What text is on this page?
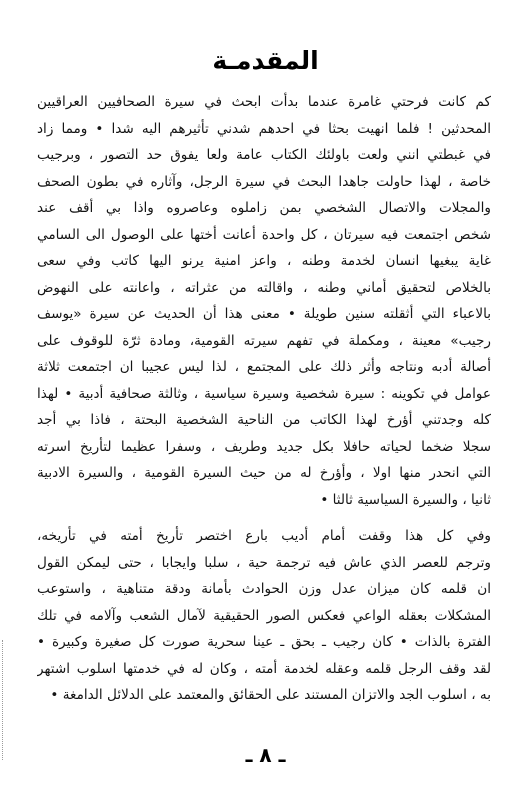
المقدمـة
كم كانت فرحتي غامرة عندما بدأت ابحث في سيرة الصحافيين العراقيين
المحدثين ! فلما انهيت بحثا في احدهم شدني تأثيرهم اليه شدا • ومما زاد
في غبطتي انني ولعت باولئك الكتاب عامة ولعا يفوق حد التصور ، وبرجيب
خاصة ، لهذا حاولت جاهدا البحث في سيرة الرجل، وآثاره في بطون الصحف
والمجلات والاتصال الشخصي بمن زاملوه وعاصروه واذا بي أقف عند
شخص اجتمعت فيه سيرتان ، كل واحدة أعانت أختها على الوصول الى السامي
غاية يبغيها انسان لخدمة وطنه ، واعز امنية يرنو اليها كاتب وفي سعى
بالخلاص لتحقيق أماني وطنه ، واقالته من عثراته ، واعانته على النهوض
بالاعباء التي أثقلته سنين طويلة • معنى هذا أن الحديث عن سيرة «يوسف
رجيب» معينة ، ومكملة في تفهم سيرته القومية، ومادة ثرّة للوقوف على
أصالة أدبه ونتاجه وأثر ذلك على المجتمع ، لذا ليس عجيبا ان اجتمعت ثلاثة
عوامل في تكوينه : سيرة شخصية وسيرة سياسية ، وثالثة صحافية أدبية • لهذا
كله وجدتني أؤرخ لهذا الكاتب من الناحية الشخصية البحتة ، فاذا بي أجد
سجلا ضخما لحياته حافلا بكل جديد وطريف ، وسفرا عظيما لتأريخ اسرته
التي انحدر منها اولا ، وأؤرخ له من حيث السيرة القومية ، والسيرة الادبية
ثانيا ، والسيرة السياسية ثالثا •
وفي كل هذا وقفت أمام أديب بارع اختصر تأريخ أمته في تأريخه،
وترجم للعصر الذي عاش فيه ترجمة حية ، سلبا وايجابا ، حتى ليمكن القول
ان قلمه كان ميزان عدل وزن الحوادث بأمانة ودقة متناهية ، واستوعب
المشكلات بعقله الواعي فعكس الصور الحقيقية لآمال الشعب وآلامه في تلك
الفترة بالذات • كان رجيب ـ بحق ـ عينا سحرية صورت كل صغيرة وكبيرة •
لقد وقف الرجل قلمه وعقله لخدمة أمته ، وكان له في خدمتها اسلوب اشتهر
به ، اسلوب الجد والاتزان المستند على الحقائق والمعتمد على الدلائل الدامغة •
ـ ٨ ـ
